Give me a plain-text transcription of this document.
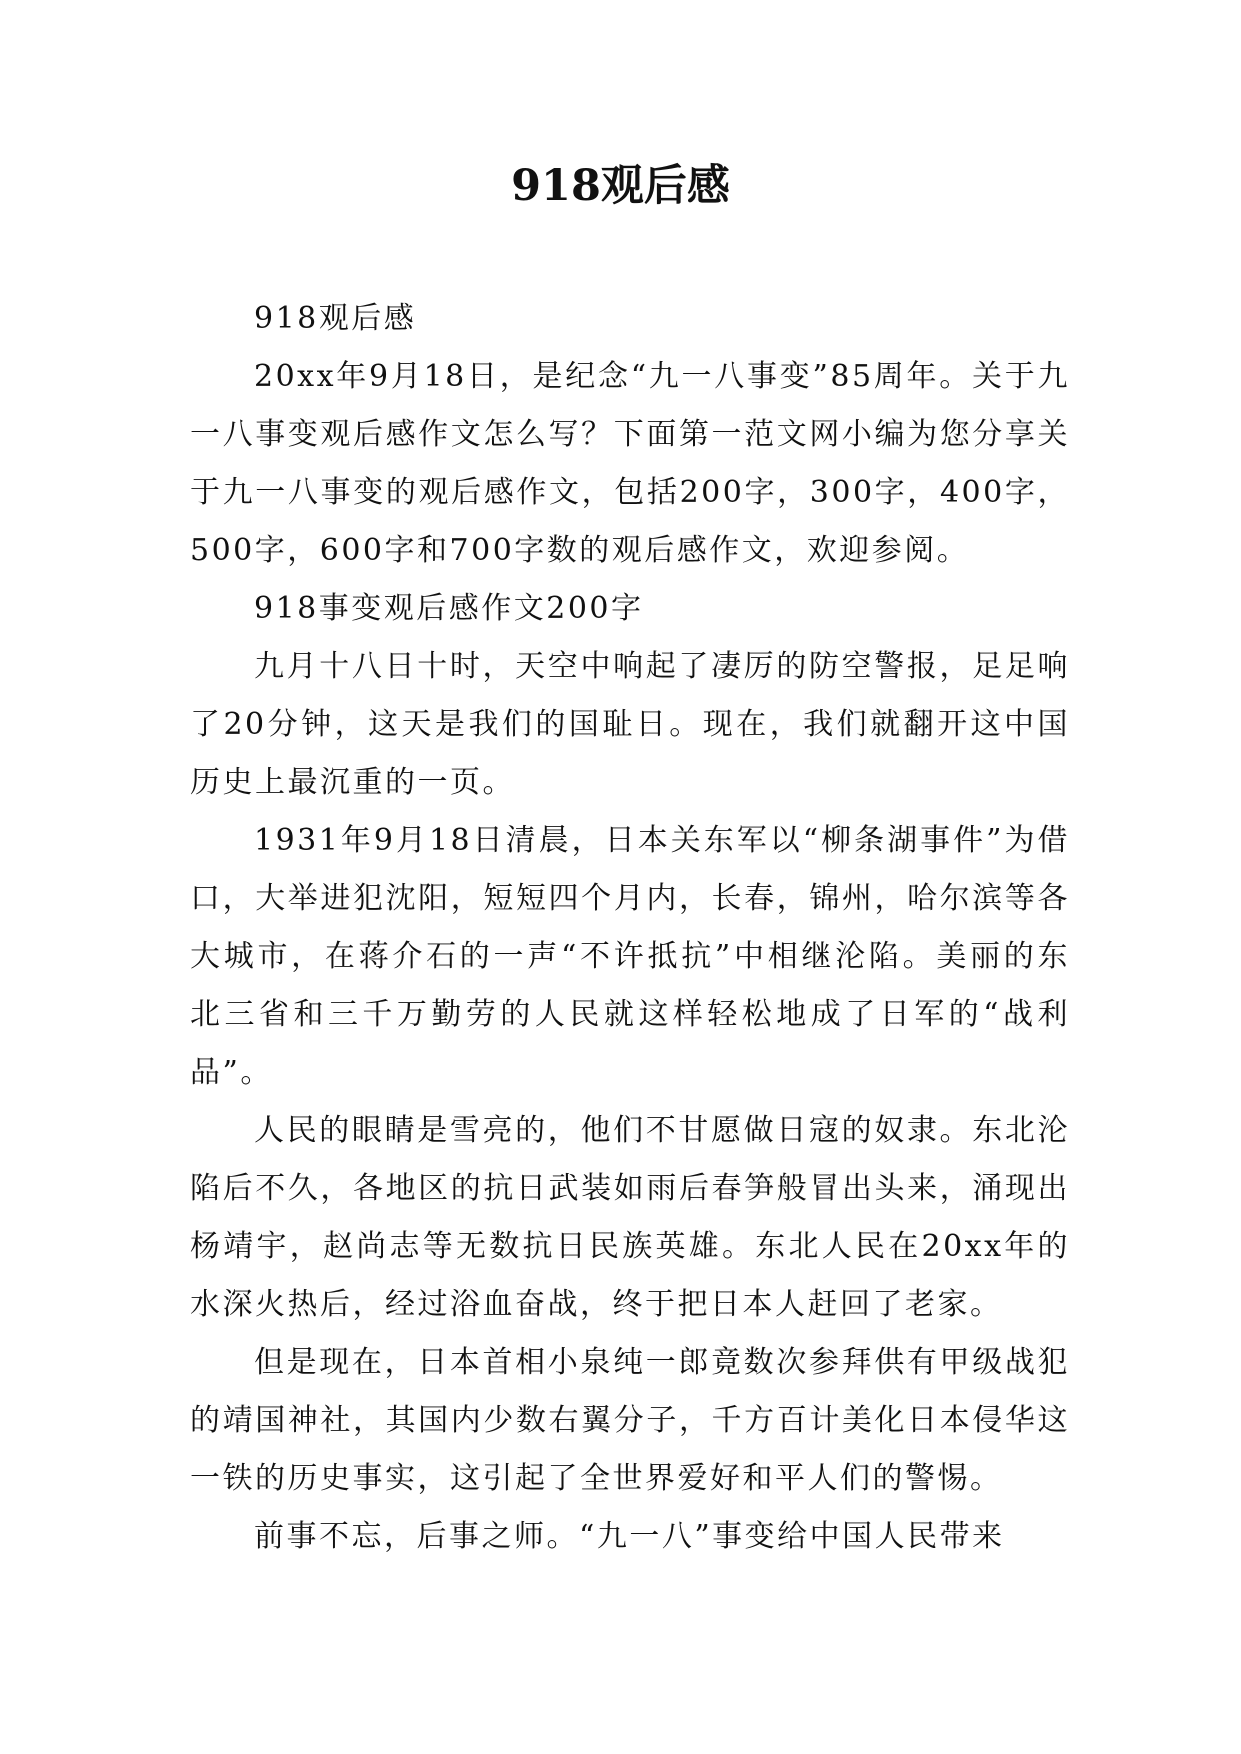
918观后感

918观后感

20xx年9月18日，是纪念“九一八事变”85周年。关于九一八事变观后感作文怎么写？下面第一范文网小编为您分享关于九一八事变的观后感作文，包括200字，300字，400字，500字，600字和700字数的观后感作文，欢迎参阅。

918事变观后感作文200字

九月十八日十时，天空中响起了凄厉的防空警报，足足响了20分钟，这天是我们的国耻日。现在，我们就翻开这中国历史上最沉重的一页。

1931年9月18日清晨，日本关东军以“柳条湖事件”为借口，大举进犯沈阳，短短四个月内，长春，锦州，哈尔滨等各大城市，在蒋介石的一声“不许抵抗”中相继沦陷。美丽的东北三省和三千万勤劳的人民就这样轻松地成了日军的“战利品”。

人民的眼睛是雪亮的，他们不甘愿做日寇的奴隶。东北沦陷后不久，各地区的抗日武装如雨后春笋般冒出头来，涌现出杨靖宇，赵尚志等无数抗日民族英雄。东北人民在20xx年的水深火热后，经过浴血奋战，终于把日本人赶回了老家。

但是现在，日本首相小泉纯一郎竟数次参拜供有甲级战犯的靖国神社，其国内少数右翼分子，千方百计美化日本侵华这一铁的历史事实，这引起了全世界爱好和平人们的警惕。

前事不忘，后事之师。“九一八”事变给中国人民带来
